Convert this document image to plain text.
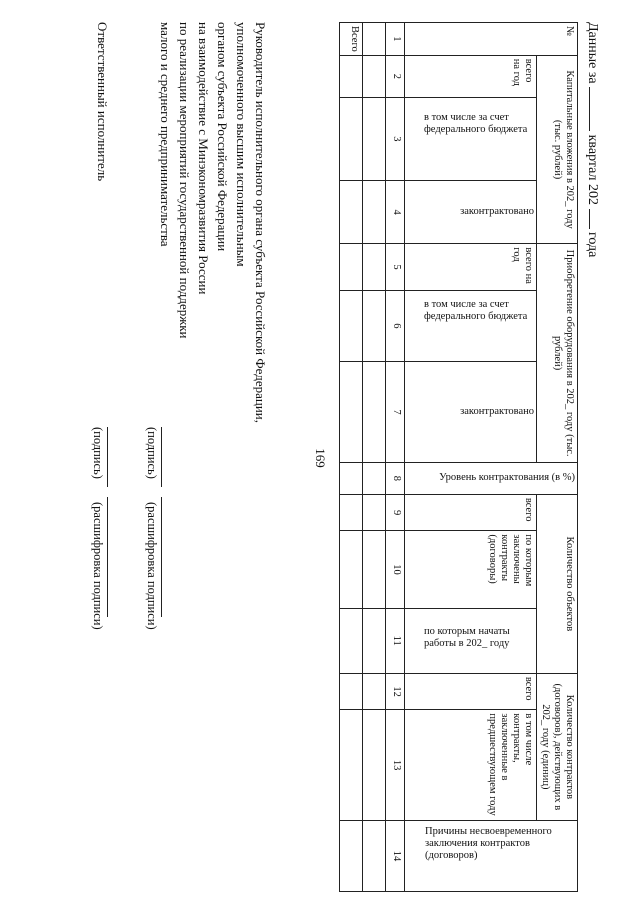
169
Данные за  квартал 202  года
№	Капитальные вложения в 202_ году (тыс. рублей)			Приобретение оборудования в 202_ году (тыс. рублей)			Уровень контрактования (в %)	Количество объектов			Количество контрактов (договоров), действующих в 202_ году (единиц)		Причины несвоевременного заключения контрактов (договоров)

	всего на год	в том числе за счет федерального бюджета	законтрактовано	всего на год	в том числе за счет федерального бюджета	законтрактовано		всего	по которым заключены контракты (договоры)	по которым начаты работы в 202_ году	всего	в том числе контракты, заключенные в предшествующем году	
1	2	3	4	5	6	7	8	9	10	11	12	13	14

Всего													
Руководитель исполнительного органа субъекта Российской Федерации,
уполномоченного высшим исполнительным
органом субъекта Российской Федерации
на взаимодействие с Минэкономразвития России
по реализации мероприятий государственной поддержки
малого и среднего предпринимательства
(подпись)
(расшифровка подписи)
Ответственный исполнитель
(подпись)
(расшифровка подписи)
